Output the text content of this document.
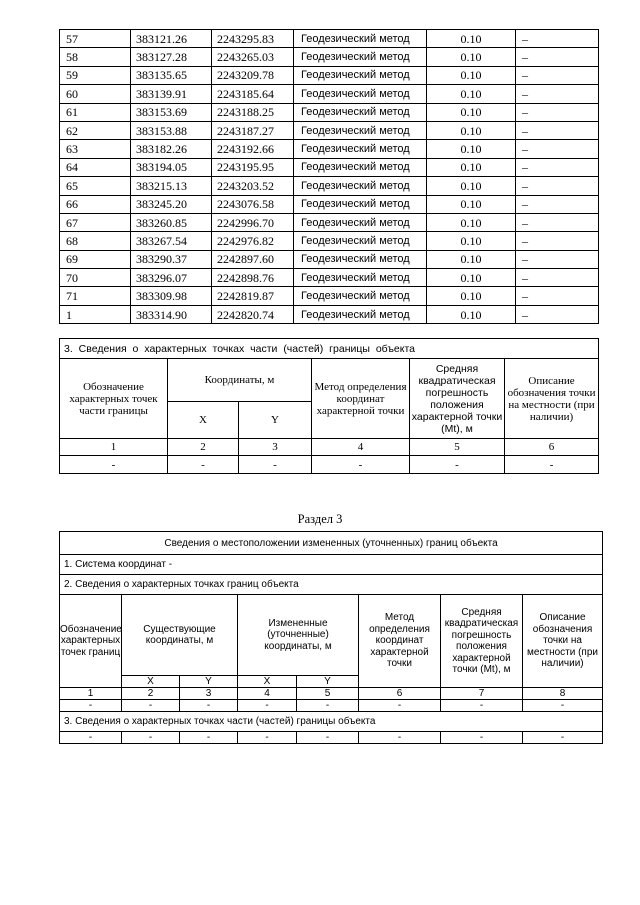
57	383121.26	2243295.83	Геодезический метод	0.10	–
58	383127.28	2243265.03	Геодезический метод	0.10	–
59	383135.65	2243209.78	Геодезический метод	0.10	–
60	383139.91	2243185.64	Геодезический метод	0.10	–
61	383153.69	2243188.25	Геодезический метод	0.10	–
62	383153.88	2243187.27	Геодезический метод	0.10	–
63	383182.26	2243192.66	Геодезический метод	0.10	–
64	383194.05	2243195.95	Геодезический метод	0.10	–
65	383215.13	2243203.52	Геодезический метод	0.10	–
66	383245.20	2243076.58	Геодезический метод	0.10	–
67	383260.85	2242996.70	Геодезический метод	0.10	–
68	383267.54	2242976.82	Геодезический метод	0.10	–
69	383290.37	2242897.60	Геодезический метод	0.10	–
70	383296.07	2242898.76	Геодезический метод	0.10	–
71	383309.98	2242819.87	Геодезический метод	0.10	–
1	383314.90	2242820.74	Геодезический метод	0.10	–
3. Сведения о характерных точках части (частей) границы объекта					
Обозначение характерных точек части границы	Координаты, м		Метод определения координат характерной точки	Средняя квадратическая погрешность положения характерной точки (Mt), м	Описание обозначения точки на местности (при наличии)
	X	Y			
1	2	3	4	5	6
-	-	-	-	-	-
Раздел 3
Сведения о местоположении измененных (уточненных) границ объекта							
1. Система координат -							
2. Сведения о характерных точках границ объекта							
Обозначение характерных точек границ	Существующие координаты, м		Измененные (уточненные) координаты, м		Метод определения координат характерной точки	Средняя квадратическая погрешность положения характерной точки (Mt), м	Описание обозначения точки на местности (при наличии)
	X	Y	X	Y			
1	2	3	4	5	6	7	8
-	-	-	-	-	-	-	-
3. Сведения о характерных точках части (частей) границы объекта							
-	-	-	-	-	-	-	-
